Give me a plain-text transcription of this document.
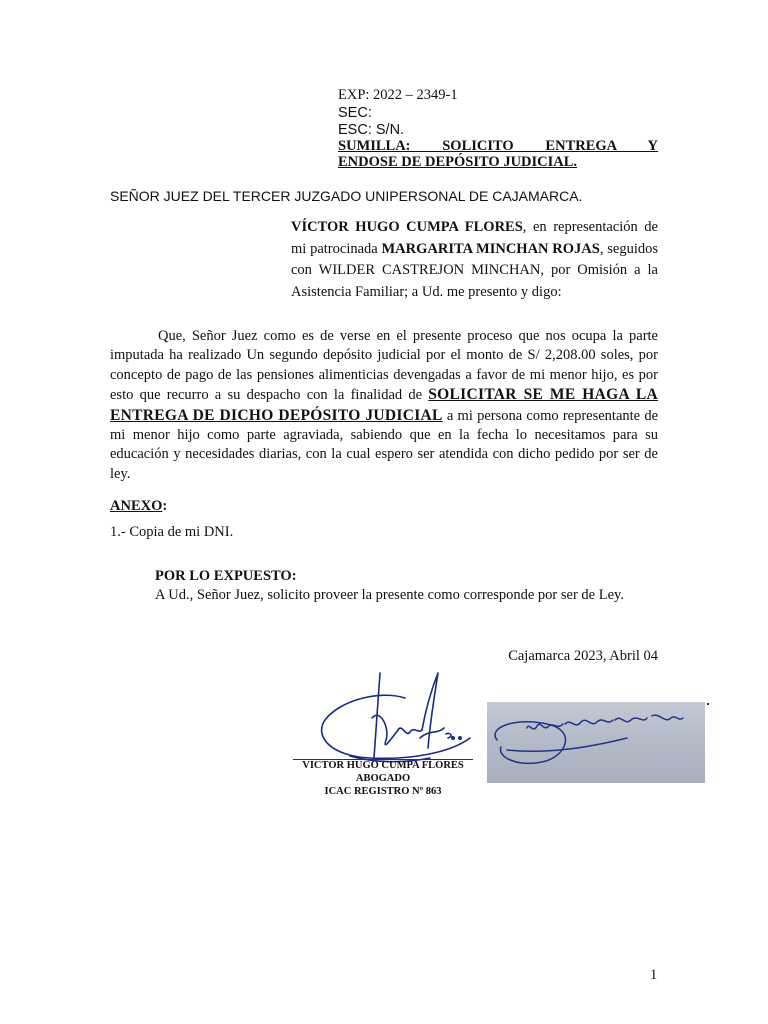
EXP: 2022 – 2349-1
SEC:
ESC: S/N.
SUMILLA: SOLICITO ENTREGA Y
ENDOSE DE DEPÓSITO JUDICIAL.
SEÑOR JUEZ DEL TERCER JUZGADO UNIPERSONAL DE CAJAMARCA.
VÍCTOR HUGO CUMPA FLORES, en representación de mi patrocinada MARGARITA MINCHAN ROJAS, seguidos con WILDER CASTREJON MINCHAN, por Omisión a la Asistencia Familiar; a Ud. me presento y digo:
Que, Señor Juez como es de verse en el presente proceso que nos ocupa la parte imputada ha realizado Un segundo depósito judicial por el monto de S/ 2,208.00 soles, por concepto de pago de las pensiones alimenticias devengadas a favor de mi menor hijo, es por esto que recurro a su despacho con la finalidad de SOLICITAR SE ME HAGA LA ENTREGA DE DICHO DEPÓSITO JUDICIAL a mi persona como representante de mi menor hijo como parte agraviada, sabiendo que en la fecha lo necesitamos para su educación y necesidades diarias, con la cual espero ser atendida con dicho pedido por ser de ley.
ANEXO:
1.- Copia de mi DNI.
POR LO EXPUESTO:
A Ud., Señor Juez, solicito proveer la presente como corresponde por ser de Ley.
Cajamarca 2023, Abril 04
VICTOR HUGO CUMPA FLORES
ABOGADO
ICAC REGISTRO Nº 863
1
